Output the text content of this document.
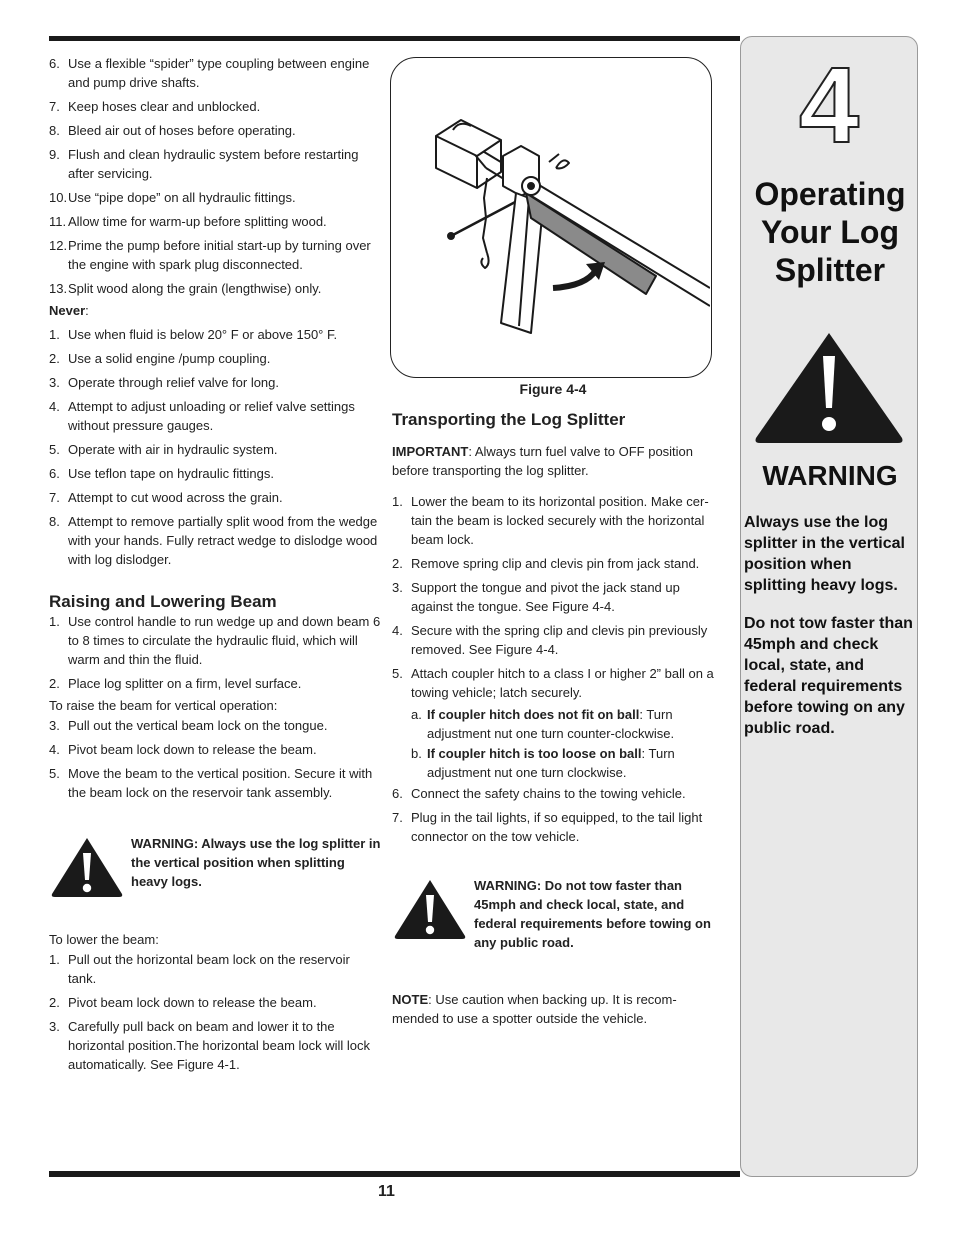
11
6. Use a flexible “spider” type coupling between engine and pump drive shafts.
7. Keep hoses clear and unblocked.
8. Bleed air out of hoses before operating.
9. Flush and clean hydraulic system before restarting after servicing.
10. Use “pipe dope” on all hydraulic fittings.
11. Allow time for warm-up before splitting wood.
12. Prime the pump before initial start-up by turning over the engine with spark plug disconnected.
13. Split wood along the grain (lengthwise) only.
Never:
1. Use when fluid is below 20° F or above 150° F.
2. Use a solid engine /pump coupling.
3. Operate through relief valve for long.
4. Attempt to adjust unloading or relief valve settings without pressure gauges.
5. Operate with air in hydraulic system.
6. Use teflon tape on hydraulic fittings.
7. Attempt to cut wood across the grain.
8. Attempt to remove partially split wood from the wedge with your hands. Fully retract wedge to dislodge wood with log dislodger.
Raising and Lowering Beam
1. Use control handle to run wedge up and down beam 6 to 8 times to circulate the hydraulic fluid, which will warm and thin the fluid.
2. Place log splitter on a firm, level surface.
To raise the beam for vertical operation:
3. Pull out the vertical beam lock on the tongue.
4. Pivot beam lock down to release the beam.
5. Move the beam to the vertical position. Secure it with the beam lock on the reservoir tank assembly.
WARNING: Always use the log splitter in the vertical position when splitting heavy logs.
To lower the beam:
1. Pull out the horizontal beam lock on the reservoir tank.
2. Pivot beam lock down to release the beam.
3. Carefully pull back on beam and lower it to the horizontal position.The horizontal beam lock will lock automatically. See Figure 4-1.
Figure 4-4
Transporting the Log Splitter
IMPORTANT: Always turn fuel valve to OFF position before transporting the log splitter.
1. Lower the beam to its horizontal position. Make cer-tain the beam is locked securely with the horizontal beam lock.
2. Remove spring clip and clevis pin from jack stand.
3. Support the tongue and pivot the jack stand up against the tongue. See Figure 4-4.
4. Secure with the spring clip and clevis pin previously removed. See Figure 4-4.
5. Attach coupler hitch to a class I or higher 2” ball on a towing vehicle; latch securely.
a. If coupler hitch does not fit on ball: Turn adjustment nut one turn counter-clockwise.
b. If coupler hitch is too loose on ball: Turn adjustment nut one turn clockwise.
6. Connect the safety chains to the towing vehicle.
7. Plug in the tail lights, if so equipped, to the tail light connector on the tow vehicle.
WARNING: Do not tow faster than 45mph and check local, state, and federal requirements before towing on any public road.
NOTE: Use caution when backing up. It is recom-mended to use a spotter outside the vehicle.
4
Operating Your Log Splitter
WARNING

Always use the log splitter in the vertical position when splitting heavy logs.

Do not tow faster than 45mph and check local, state, and federal requirements before towing on any public road.
